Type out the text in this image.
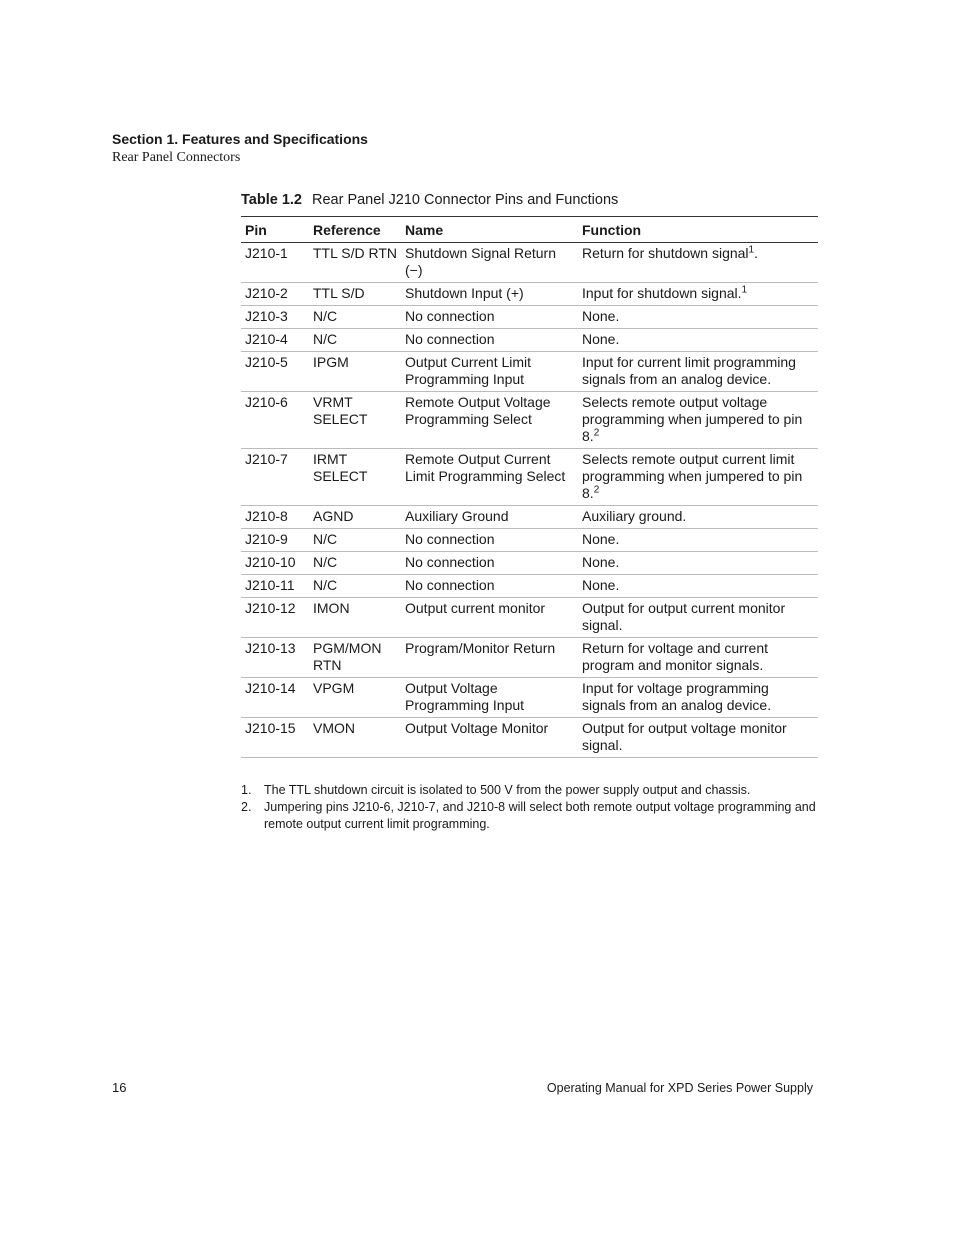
Section 1. Features and Specifications
Rear Panel Connectors
Table 1.2 Rear Panel J210 Connector Pins and Functions
Pin	Reference	Name	Function
J210-1	TTL S/D RTN	Shutdown Signal Return (−)	Return for shutdown signal$^1$.
J210-2	TTL S/D	Shutdown Input (+)	Input for shutdown signal.$^1$
J210-3	N/C	No connection	None.
J210-4	N/C	No connection	None.
J210-5	IPGM	Output Current Limit Programming Input	Input for current limit programming signals from an analog device.
J210-6	VRMT SELECT	Remote Output Voltage Programming Select	Selects remote output voltage programming when jumpered to pin 8.$^2$
J210-7	IRMT SELECT	Remote Output Current Limit Programming Select	Selects remote output current limit programming when jumpered to pin 8.$^2$
J210-8	AGND	Auxiliary Ground	Auxiliary ground.
J210-9	N/C	No connection	None.
J210-10	N/C	No connection	None.
J210-11	N/C	No connection	None.
J210-12	IMON	Output current monitor	Output for output current monitor signal.
J210-13	PGM/MON RTN	Program/Monitor Return	Return for voltage and current program and monitor signals.
J210-14	VPGM	Output Voltage Programming Input	Input for voltage programming signals from an analog device.
J210-15	VMON	Output Voltage Monitor	Output for output voltage monitor signal.
1.	The TTL shutdown circuit is isolated to 500 V from the power supply output and chassis.
2.	Jumpering pins J210-6, J210-7, and J210-8 will select both remote output voltage programming and remote output current limit programming.
16	Operating Manual for XPD Series Power Supply
